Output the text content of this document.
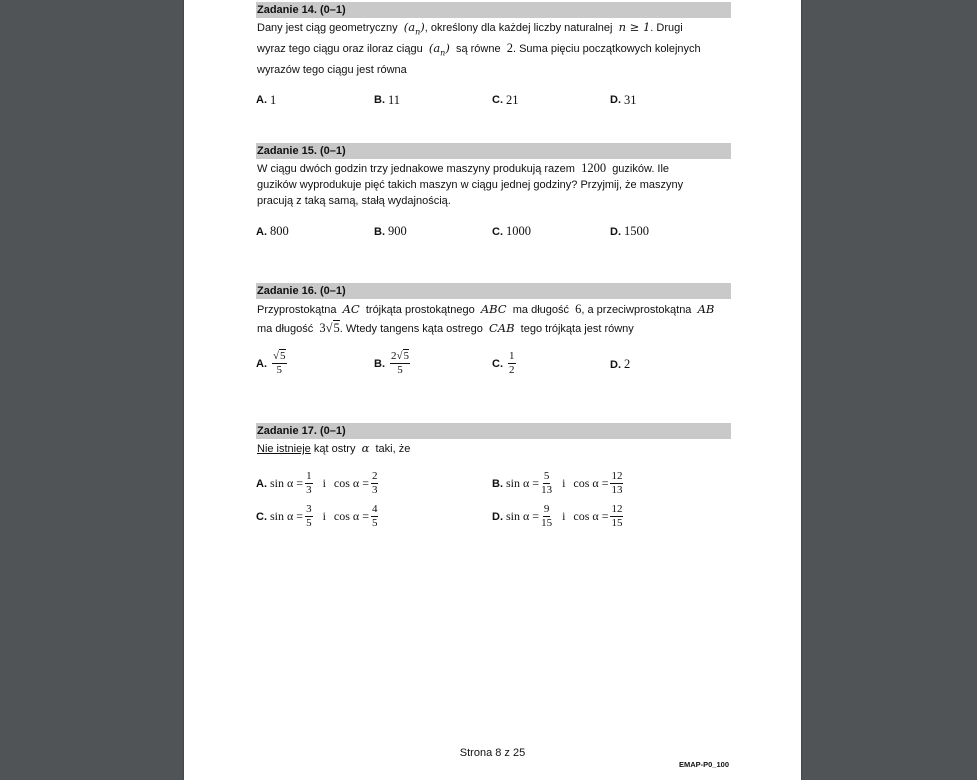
Zadanie 14. (0–1)
Dany jest ciąg geometryczny $(a_n)$, określony dla każdej liczby naturalnej n ≥ 1. Drugi
wyraz tego ciągu oraz iloraz ciągu $(a_n)$ są równe 2. Suma pięciu początkowych kolejnych
wyrazów tego ciągu jest równa
A. 1	B. 11	C. 21	D. 31
Zadanie 15. (0–1)
W ciągu dwóch godzin trzy jednakowe maszyny produkują razem 1200 guzików. Ile
guzików wyprodukuje pięć takich maszyn w ciągu jednej godziny? Przyjmij, że maszyny
pracują z taką samą, stałą wydajnością.
A. 800	B. 900	C. 1000	D. 1500
Zadanie 16. (0–1)
Przyprostokątna AC trójkąta prostokątnego ABC ma długość 6, a przeciwprostokątna AB
ma długość 3√5. Wtedy tangens kąta ostrego CAB tego trójkąta jest równy
A. $\frac{√5}{5}$	B. $\frac{2√5}{5}$	C. $\frac{1}{2}$	D. 2
Zadanie 17. (0–1)
Nie istnieje kąt ostry α taki, że
A. $\sin \alpha = \frac{1}{3}$ i $\cos \alpha = \frac{2}{3}$	B. $\sin \alpha = \frac{5}{13}$ i $\cos \alpha = \frac{12}{13}$
C. $\sin \alpha = \frac{3}{5}$ i $\cos \alpha = \frac{4}{5}$	D. $\sin \alpha = \frac{9}{15}$ i $\cos \alpha = \frac{12}{15}$
Strona 8 z 25
EMAP-P0_100
